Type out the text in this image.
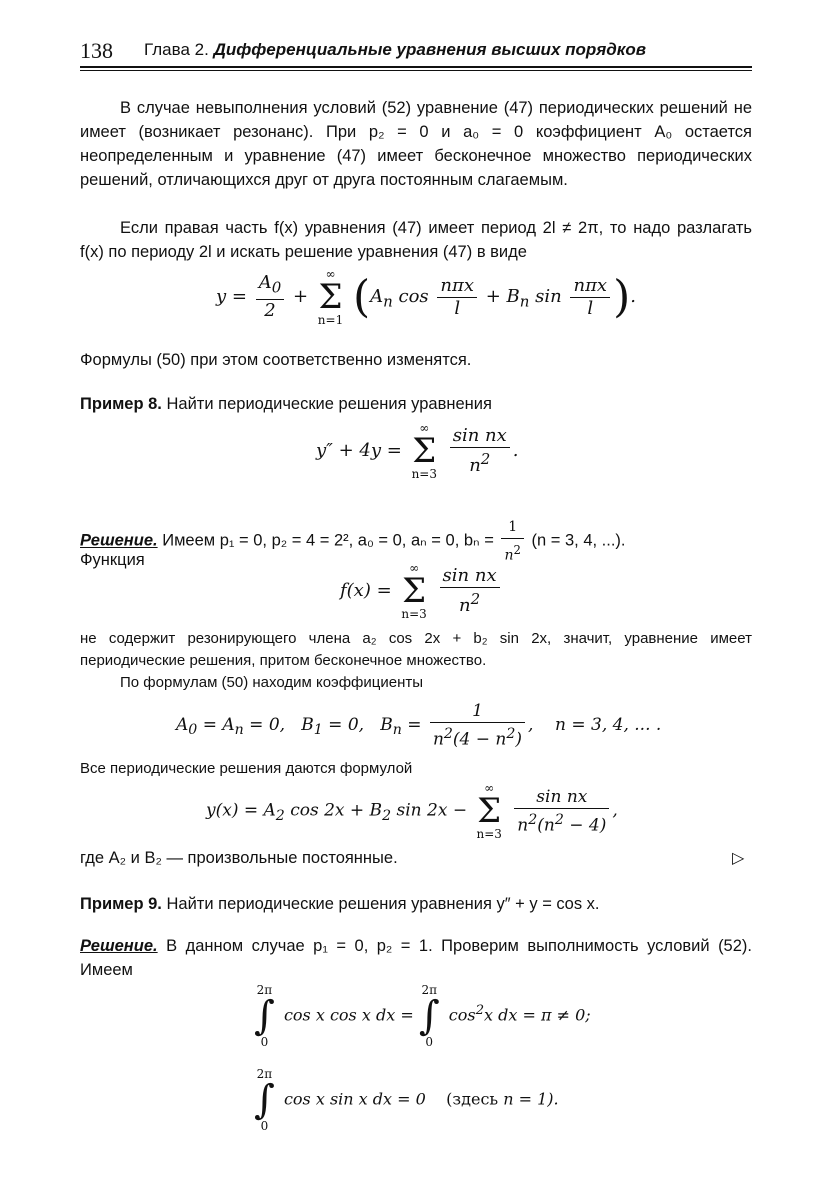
138 Глава 2. Дифференциальные уравнения высших порядков
В случае невыполнения условий (52) уравнение (47) периодических решений не имеет (возникает резонанс). При p₂ = 0 и a₀ = 0 коэффициент A₀ остается неопределенным и уравнение (47) имеет бесконечное множество периодических решений, отличающихся друг от друга постоянным слагаемым.
Если правая часть f(x) уравнения (47) имеет период 2l ≠ 2π, то надо разлагать f(x) по периоду 2l и искать решение уравнения (47) в виде
$y = \frac{A_0}{2}$ +
∞
Σ
n=1 ($A_n$ $\cos \frac{\text{nπx}}{l} + B_n$ $\sin \frac{\text{nπx}}{l}$ ).
Формулы (50) при этом соответственно изменятся.
Пример 8. Найти периодические решения уравнения
y″ + 4y =
∞
Σ
n=3
$\frac{\text{sin nx}}{n^2}$ .
Решение. Имеем p₁ = 0, p₂ = 4 = 2², a₀ = 0, aₙ = 0, $b_n = \frac{1}{n^2} (n = 3$, 4, ...).
Функция
f(x) =
∞
Σ
n=3
$\frac{\text{sin nx}}{n^2}$
не содержит резонирующего члена a₂ cos 2x + b₂ sin 2x, значит, уравнение имеет периодические решения, притом бесконечное множество.
По формулам (50) находим коэффициенты
$A_0 = A_n = 0$,   $B_1 = 0$,   $B_n = \frac{1}{n^2(4 - n^2)}$ ,    n = 3, 4, ... .
Все периодические решения даются формулой
$y(x) = A_2$ $\cos 2x + B_2$ sin 2x −
∞
Σ
n=3
$\frac{\text{sin nx}}{n^2(n^2 - 4)}$ ,
где A₂ и B₂ — произвольные постоянные.	▷
Пример 9. Найти периодические решения уравнения y″ + y = cos x.
Решение. В данном случае p₁ = 0, p₂ = 1. Проверим выполнимость условий (52). Имеем
2π
∫
0
cos x cos x dx =
2π
∫
0
$\cos^2x$ dx = π ≠ 0;
2π
∫
0
cos x sin x dx = 0    (здесь n = 1).
